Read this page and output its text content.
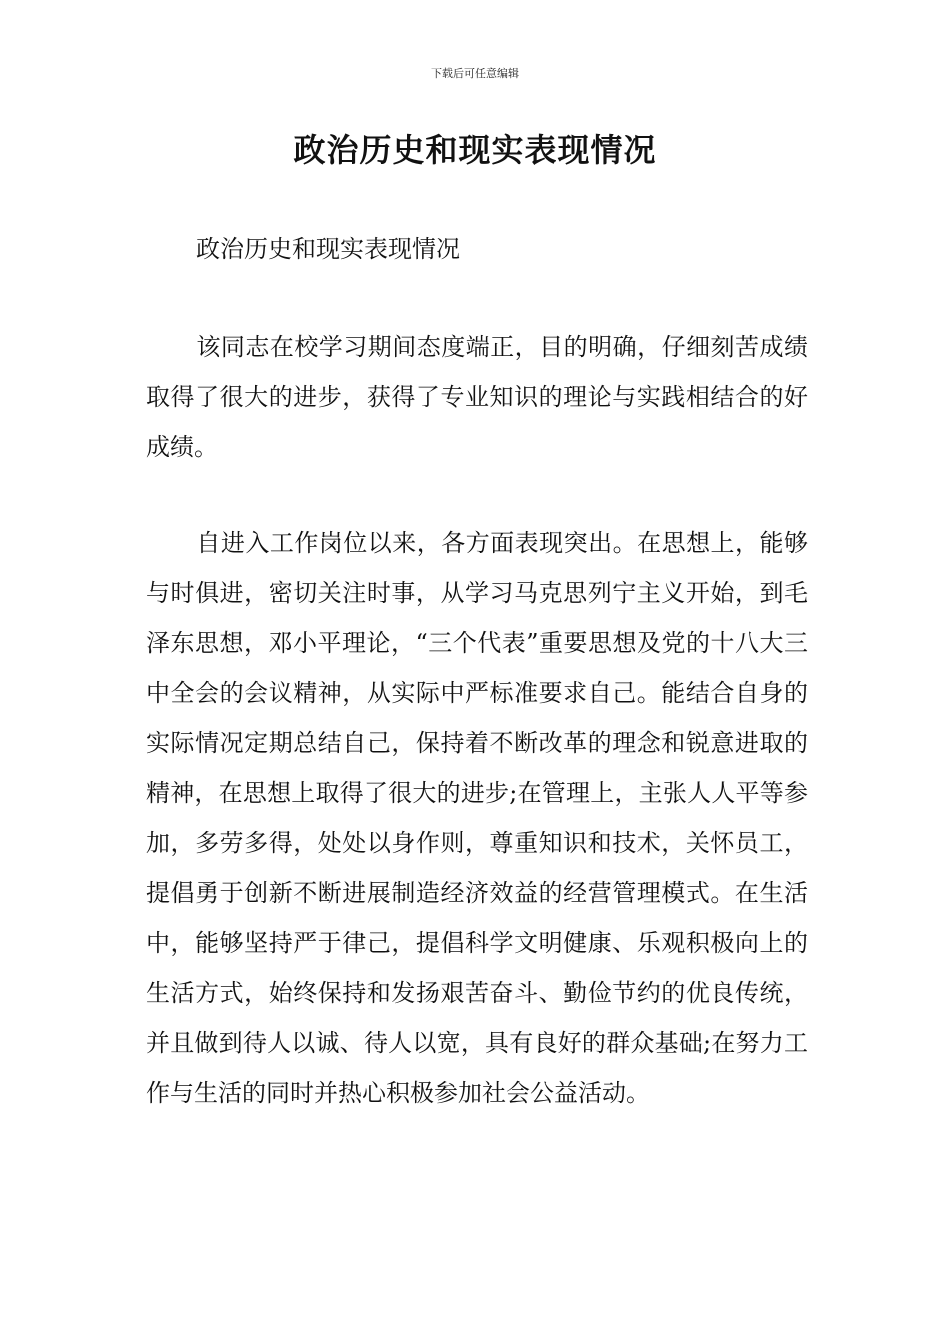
下载后可任意编辑
政治历史和现实表现情况

政治历史和现实表现情况

该同志在校学习期间态度端正，目的明确，仔细刻苦成绩取得了很大的进步，获得了专业知识的理论与实践相结合的好成绩。

自进入工作岗位以来，各方面表现突出。在思想上，能够与时俱进，密切关注时事，从学习马克思列宁主义开始，到毛泽东思想，邓小平理论，“三个代表”重要思想及党的十八大三中全会的会议精神，从实际中严标准要求自己。能结合自身的实际情况定期总结自己，保持着不断改革的理念和锐意进取的精神，在思想上取得了很大的进步;在管理上，主张人人平等参加，多劳多得，处处以身作则，尊重知识和技术，关怀员工，提倡勇于创新不断进展制造经济效益的经营管理模式。在生活中，能够坚持严于律己，提倡科学文明健康、乐观积极向上的生活方式，始终保持和发扬艰苦奋斗、勤俭节约的优良传统，并且做到待人以诚、待人以宽，具有良好的群众基础;在努力工作与生活的同时并热心积极参加社会公益活动。
